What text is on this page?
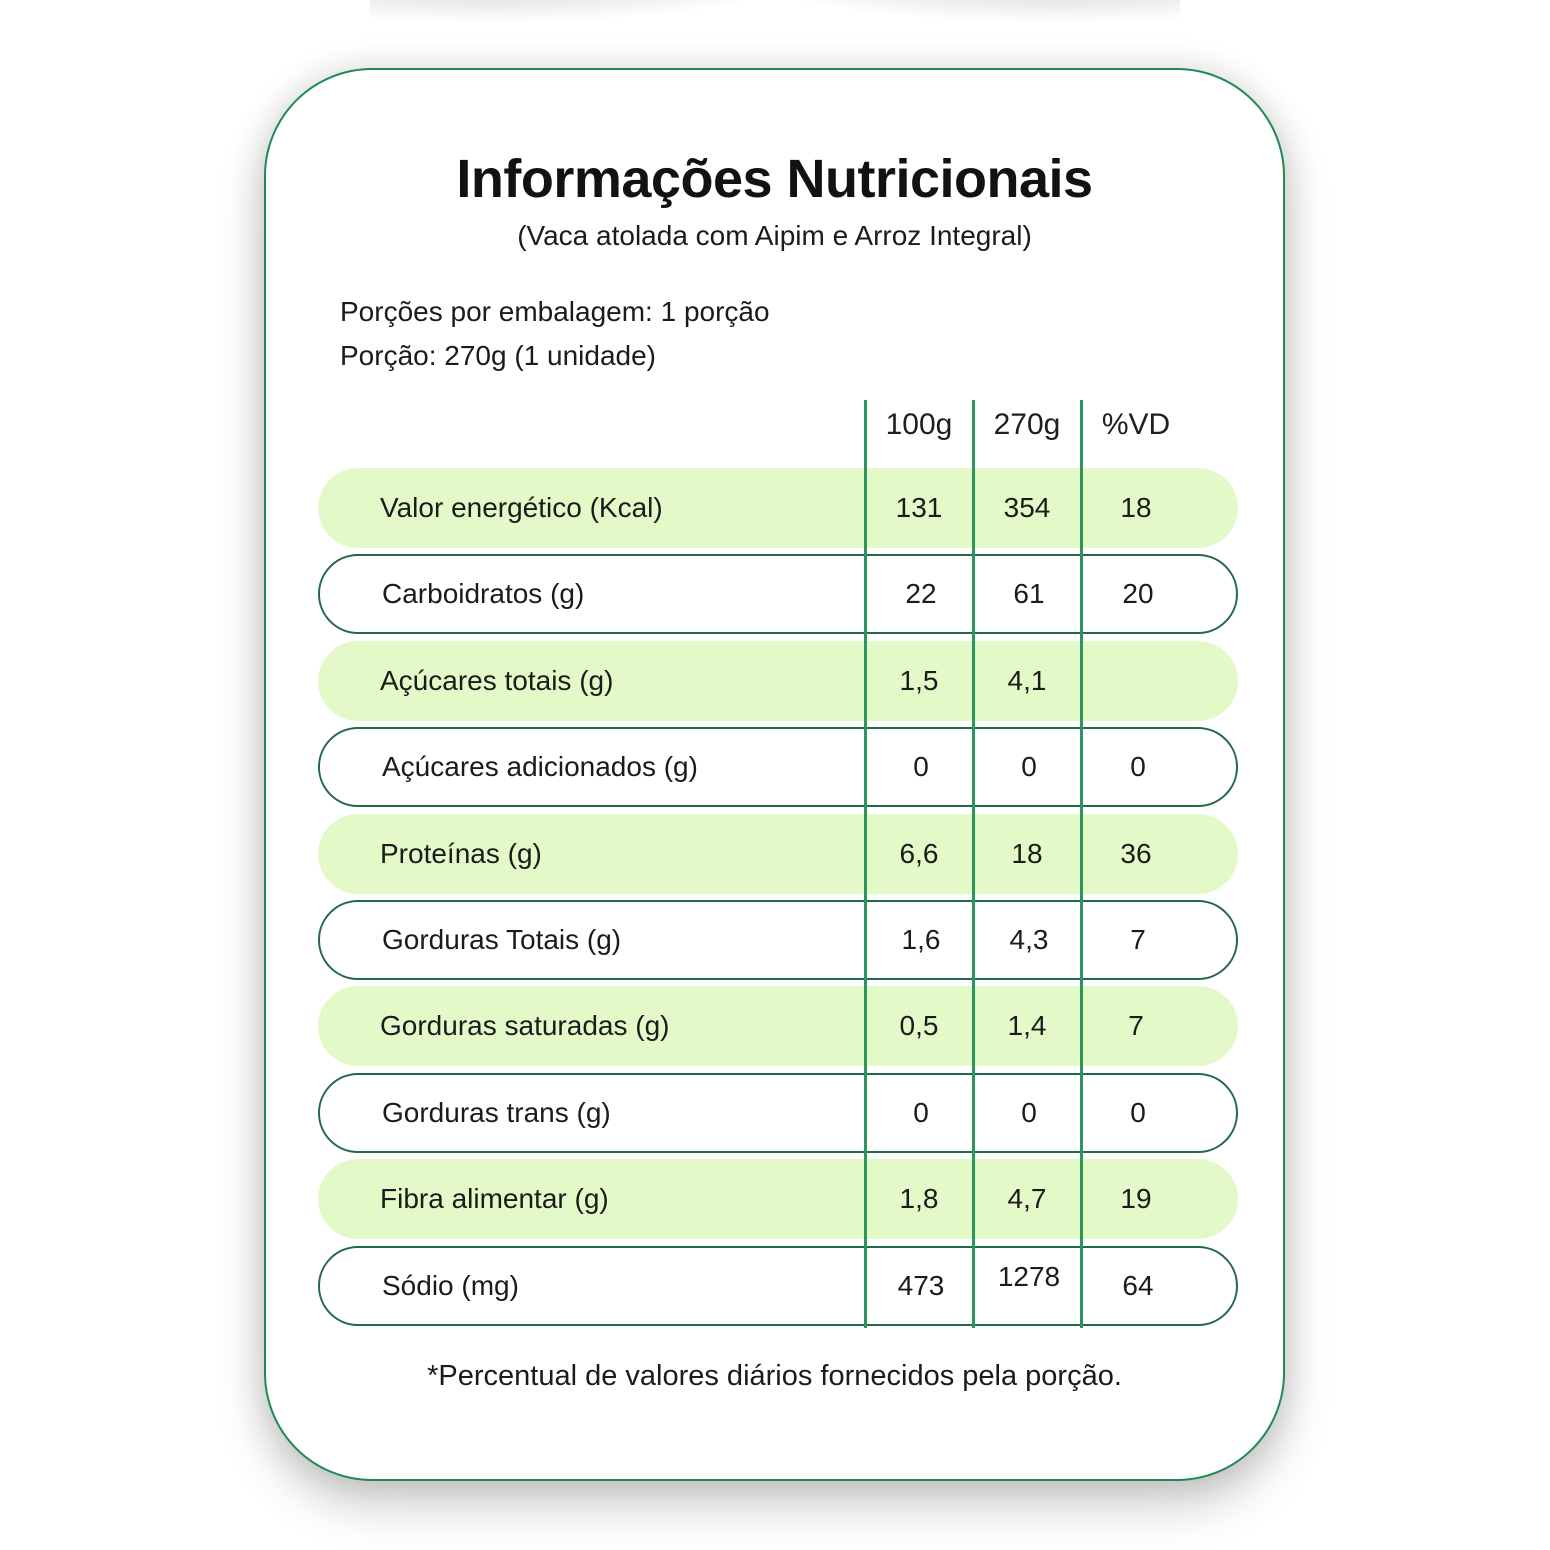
Informações Nutricionais
(Vaca atolada com Aipim e Arroz Integral)
Porções por embalagem: 1 porção
Porção: 270g (1 unidade)
100g	270g	%VD
Valor energético (Kcal)	131	354	18
Carboidratos (g)	22	61	20
Açúcares totais (g)	1,5	4,1
Açúcares adicionados (g)	0	0	0
Proteínas (g)	6,6	18	36
Gorduras Totais (g)	1,6	4,3	7
Gorduras saturadas (g)	0,5	1,4	7
Gorduras trans (g)	0	0	0
Fibra alimentar (g)	1,8	4,7	19
Sódio (mg)	473	1278	64
*Percentual de valores diários fornecidos pela porção.
